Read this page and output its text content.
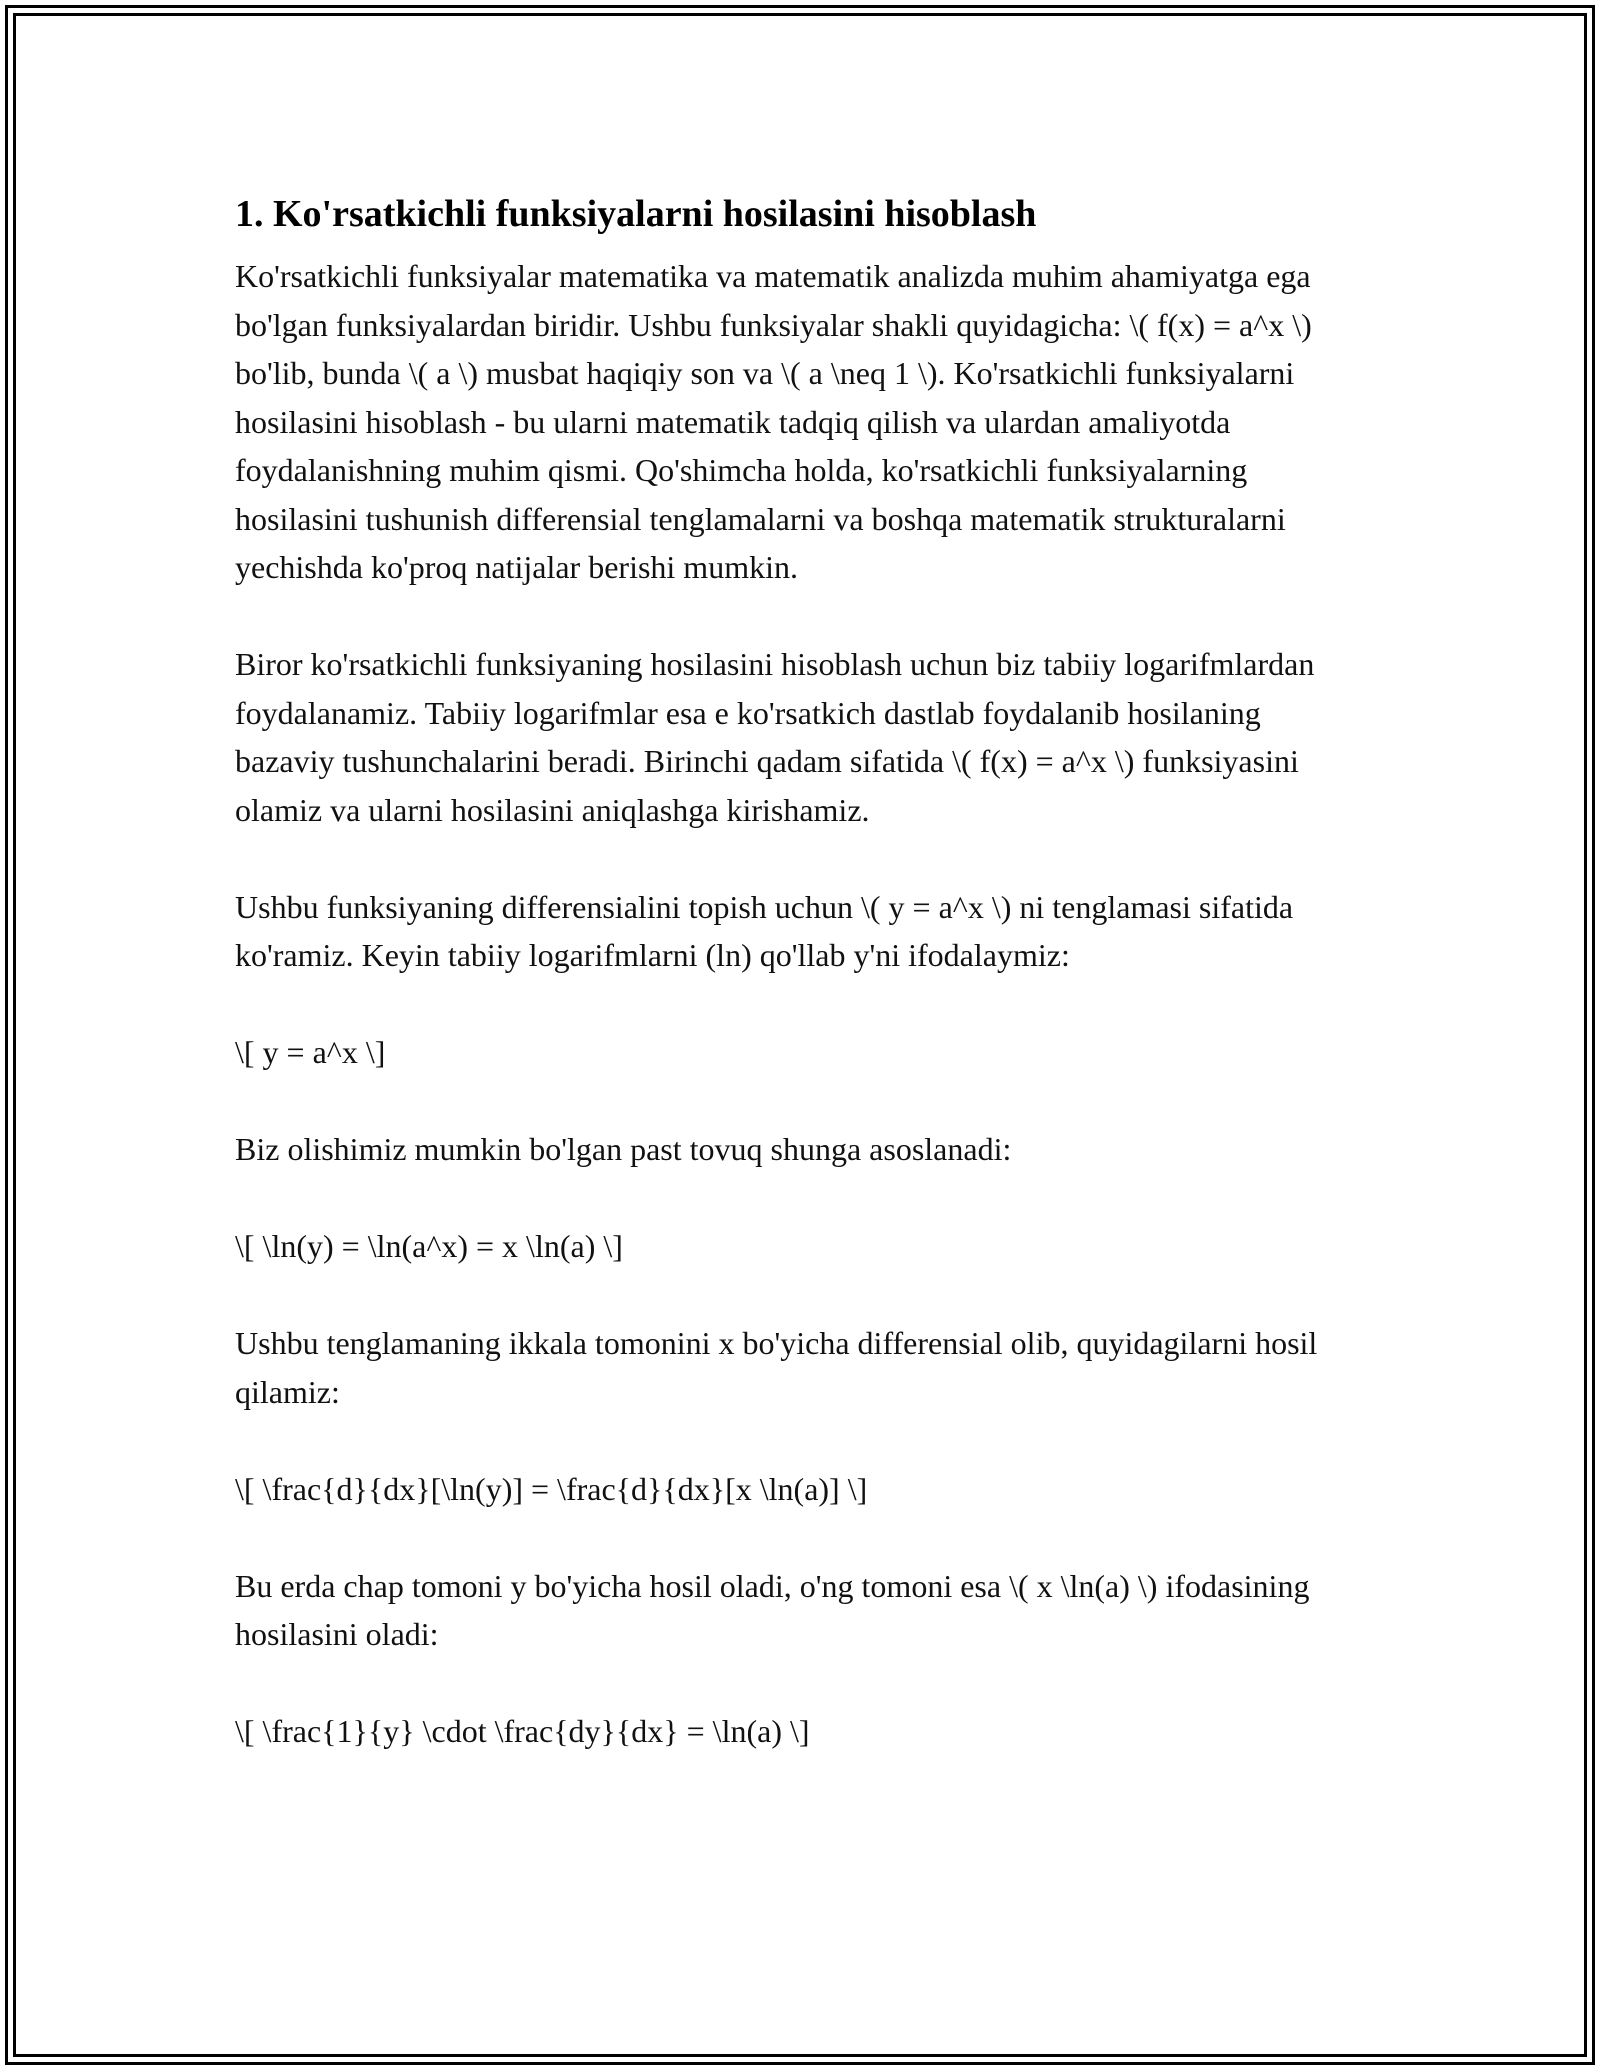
1. Ko'rsatkichli funksiyalarni hosilasini hisoblash

Ko'rsatkichli funksiyalar matematika va matematik analizda muhim ahamiyatga ega bo'lgan funksiyalardan biridir. Ushbu funksiyalar shakli quyidagicha: \( f(x) = a^x \) bo'lib, bunda \( a \) musbat haqiqiy son va \( a \neq 1 \). Ko'rsatkichli funksiyalarni hosilasini hisoblash - bu ularni matematik tadqiq qilish va ulardan amaliyotda foydalanishning muhim qismi. Qo'shimcha holda, ko'rsatkichli funksiyalarning hosilasini tushunish differensial tenglamalarni va boshqa matematik strukturalarni yechishda ko'proq natijalar berishi mumkin.

Biror ko'rsatkichli funksiyaning hosilasini hisoblash uchun biz tabiiy logarifmlardan foydalanamiz. Tabiiy logarifmlar esa e ko'rsatkich dastlab foydalanib hosilaning bazaviy tushunchalarini beradi. Birinchi qadam sifatida \( f(x) = a^x \) funksiyasini olamiz va ularni hosilasini aniqlashga kirishamiz.

Ushbu funksiyaning differensialini topish uchun \( y = a^x \) ni tenglamasi sifatida ko'ramiz. Keyin tabiiy logarifmlarni (ln) qo'llab y'ni ifodalaymiz:

\[ y = a^x \]

Biz olishimiz mumkin bo'lgan past tovuq shunga asoslanadi:

\[ \ln(y) = \ln(a^x) = x \ln(a) \]

Ushbu tenglamaning ikkala tomonini x bo'yicha differensial olib, quyidagilarni hosil qilamiz:

\[ \frac{d}{dx}[\ln(y)] = \frac{d}{dx}[x \ln(a)] \]

Bu erda chap tomoni y bo'yicha hosil oladi, o'ng tomoni esa \( x \ln(a) \) ifodasining hosilasini oladi:

\[ \frac{1}{y} \cdot \frac{dy}{dx} = \ln(a) \]
